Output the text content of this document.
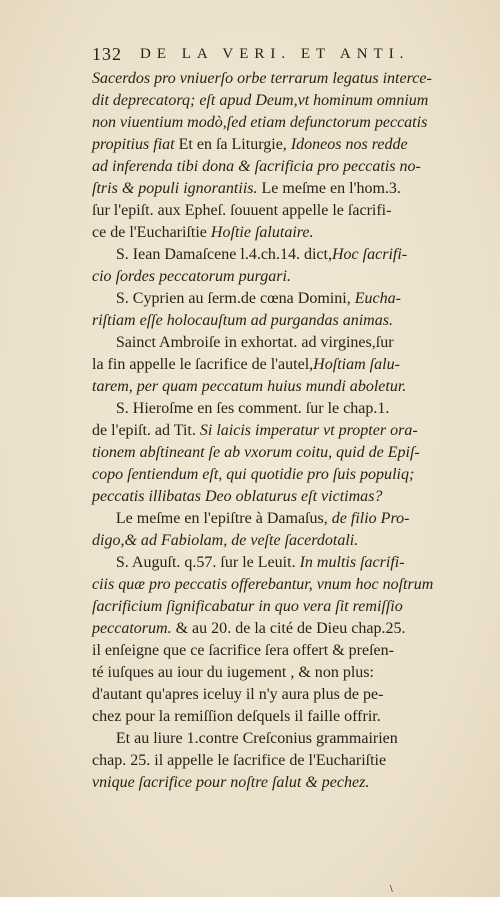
132 DE LA VERI. ET ANTI.
Sacerdos pro vniuerſo orbe terrarum legatus interce-
dit deprecatorq; eſt apud Deum,vt hominum omnium
non viuentium modò,ſed etiam defunctorum peccatis
propitius fiat Et en ſa Liturgie, Idoneos nos redde
ad inferenda tibi dona & ſacrificia pro peccatis no-
ſtris & populi ignorantiis. Le meſme en l'hom.3.
ſur l'epiſt. aux Epheſ. ſouuent appelle le ſacrifi-
ce de l'Euchariſtie Hoſtie ſalutaire.
S. Iean Damaſcene l.4.ch.14. dict,Hoc ſacrifi-
cio ſordes peccatorum purgari.
S. Cyprien au ſerm.de cœna Domini, Eucha-
riſtiam eſſe holocauſtum ad purgandas animas.
Sainct Ambroiſe in exhortat. ad virgines,ſur
la fin appelle le ſacrifice de l'autel,Hoſtiam ſalu-
tarem, per quam peccatum huius mundi aboletur.
S. Hieroſme en ſes comment. ſur le chap.1.
de l'epiſt. ad Tit. Si laicis imperatur vt propter ora-
tionem abſtineant ſe ab vxorum coitu, quid de Epiſ-
copo ſentiendum eſt, qui quotidie pro ſuis populiq;
peccatis illibatas Deo oblaturus eſt victimas?
Le meſme en l'epiſtre à Damaſus, de filio Pro-
digo,& ad Fabiolam, de veſte ſacerdotali.
S. Auguſt. q.57. ſur le Leuit. In multis ſacrifi-
ciis quæ pro peccatis offerebantur, vnum hoc noſtrum
ſacrificium ſignificabatur in quo vera ſit remiſſio
peccatorum. & au 20. de la cité de Dieu chap.25.
il enſeigne que ce ſacrifice ſera offert & preſen-
té iuſques au iour du iugement , & non plus:
d'autant qu'apres iceluy il n'y aura plus de pe-
chez pour la remiſſion deſquels il faille offrir.
Et au liure 1.contre Creſconius grammairien
chap. 25. il appelle le ſacrifice de l'Euchariſtie
vnique ſacrifice pour noſtre ſalut & pechez.
\
